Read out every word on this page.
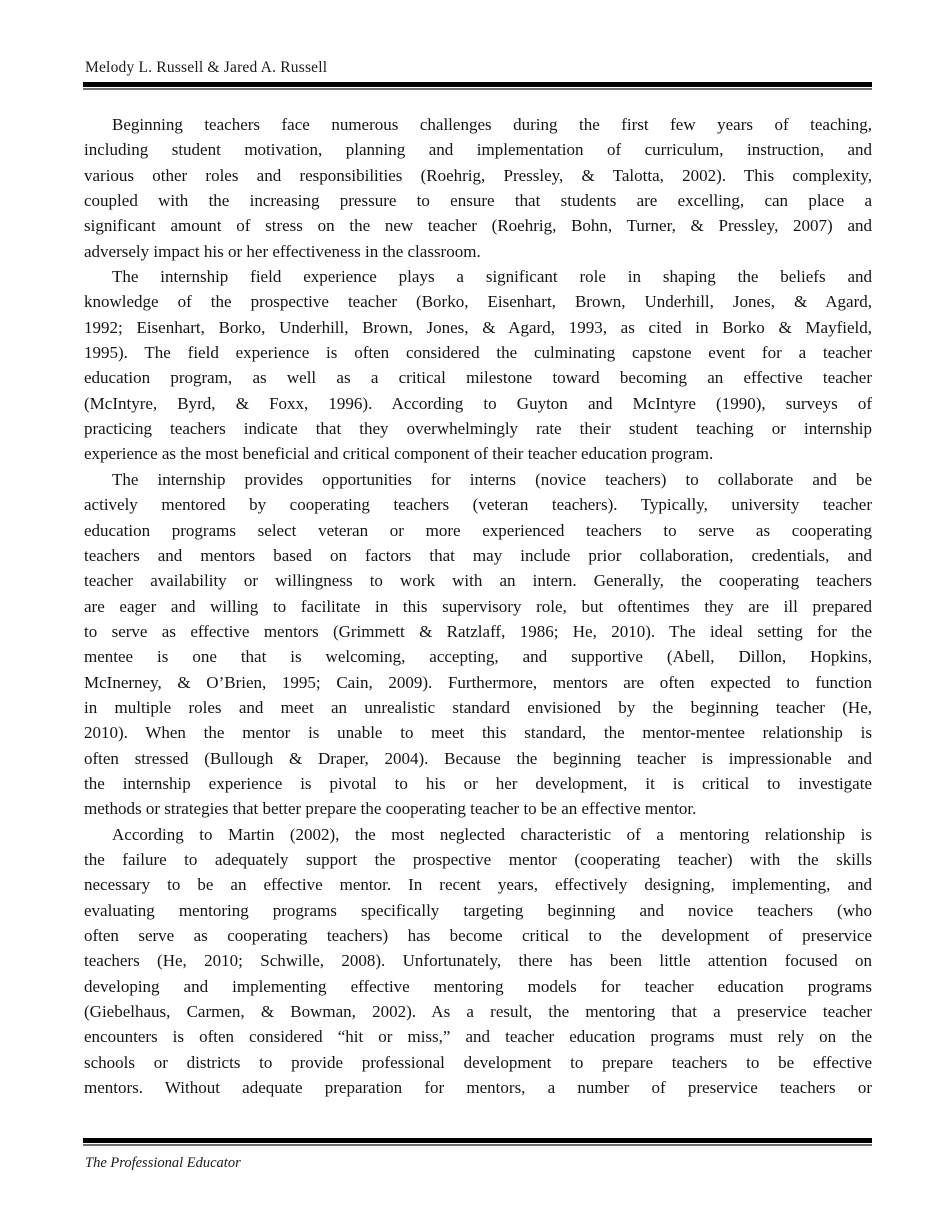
Melody L. Russell & Jared A. Russell

Beginning teachers face numerous challenges during the first few years of teaching,
including student motivation, planning and implementation of curriculum, instruction, and
various other roles and responsibilities (Roehrig, Pressley, & Talotta, 2002). This complexity,
coupled with the increasing pressure to ensure that students are excelling, can place a
significant amount of stress on the new teacher (Roehrig, Bohn, Turner, & Pressley, 2007) and
adversely impact his or her effectiveness in the classroom.

The internship field experience plays a significant role in shaping the beliefs and
knowledge of the prospective teacher (Borko, Eisenhart, Brown, Underhill, Jones, & Agard,
1992; Eisenhart, Borko, Underhill, Brown, Jones, & Agard, 1993, as cited in Borko & Mayfield,
1995). The field experience is often considered the culminating capstone event for a teacher
education program, as well as a critical milestone toward becoming an effective teacher
(McIntyre, Byrd, & Foxx, 1996). According to Guyton and McIntyre (1990), surveys of
practicing teachers indicate that they overwhelmingly rate their student teaching or internship
experience as the most beneficial and critical component of their teacher education program.

The internship provides opportunities for interns (novice teachers) to collaborate and be
actively mentored by cooperating teachers (veteran teachers). Typically, university teacher
education programs select veteran or more experienced teachers to serve as cooperating
teachers and mentors based on factors that may include prior collaboration, credentials, and
teacher availability or willingness to work with an intern. Generally, the cooperating teachers
are eager and willing to facilitate in this supervisory role, but oftentimes they are ill prepared
to serve as effective mentors (Grimmett & Ratzlaff, 1986; He, 2010). The ideal setting for the
mentee is one that is welcoming, accepting, and supportive (Abell, Dillon, Hopkins,
McInerney, & O’Brien, 1995; Cain, 2009). Furthermore, mentors are often expected to function
in multiple roles and meet an unrealistic standard envisioned by the beginning teacher (He,
2010). When the mentor is unable to meet this standard, the mentor-mentee relationship is
often stressed (Bullough & Draper, 2004). Because the beginning teacher is impressionable and
the internship experience is pivotal to his or her development, it is critical to investigate
methods or strategies that better prepare the cooperating teacher to be an effective mentor.

According to Martin (2002), the most neglected characteristic of a mentoring relationship is
the failure to adequately support the prospective mentor (cooperating teacher) with the skills
necessary to be an effective mentor. In recent years, effectively designing, implementing, and
evaluating mentoring programs specifically targeting beginning and novice teachers (who
often serve as cooperating teachers) has become critical to the development of preservice
teachers (He, 2010; Schwille, 2008). Unfortunately, there has been little attention focused on
developing and implementing effective mentoring models for teacher education programs
(Giebelhaus, Carmen, & Bowman, 2002). As a result, the mentoring that a preservice teacher
encounters is often considered “hit or miss,” and teacher education programs must rely on the
schools or districts to provide professional development to prepare teachers to be effective
mentors. Without adequate preparation for mentors, a number of preservice teachers or

The Professional Educator
